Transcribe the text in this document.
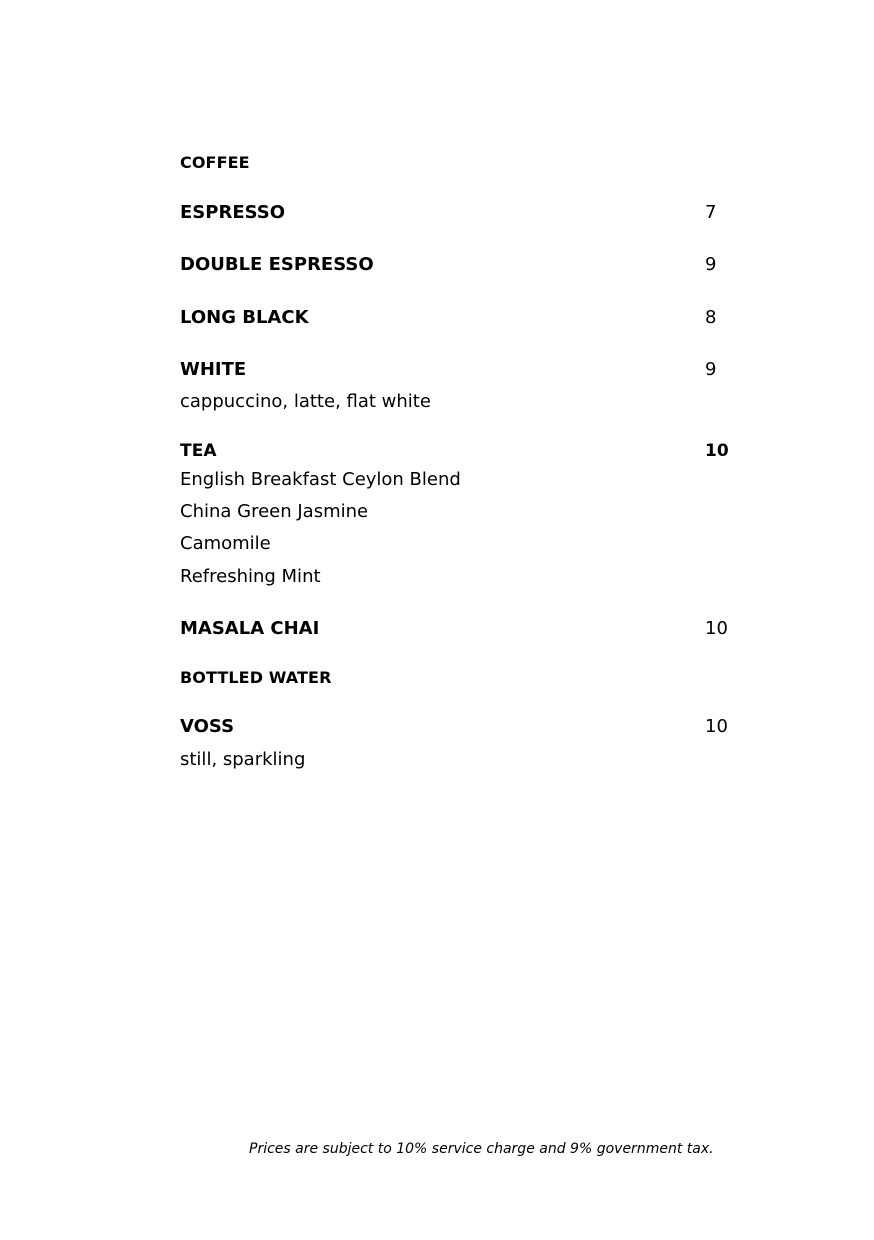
COFFEE
ESPRESSO	7
DOUBLE ESPRESSO	9
LONG BLACK	8
WHITE	9
cappuccino, latte, flat white
TEA	10
English Breakfast Ceylon Blend
China Green Jasmine
Camomile
Refreshing Mint
MASALA CHAI	10
BOTTLED WATER
VOSS	10
still, sparkling
Prices are subject to 10% service charge and 9% government tax.
